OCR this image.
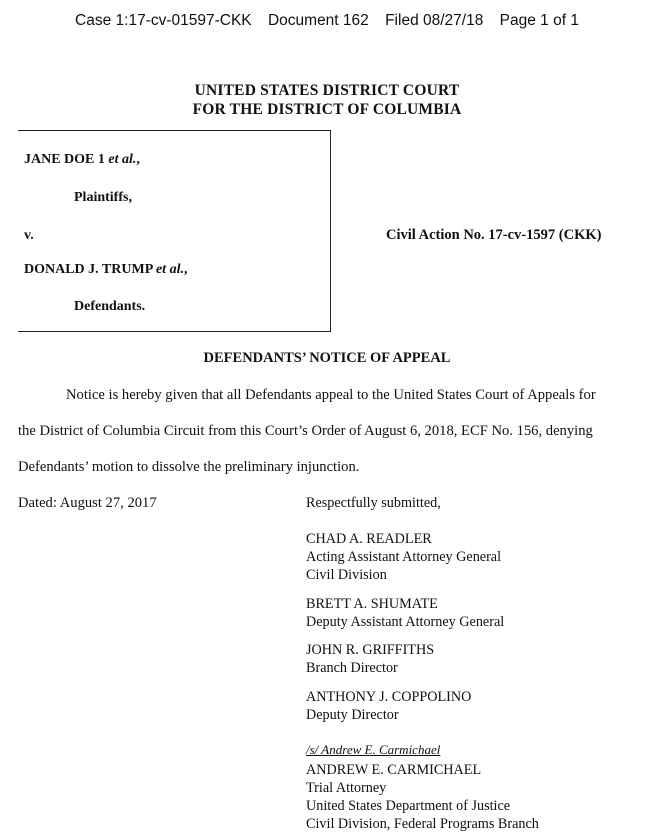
Case 1:17-cv-01597-CKK Document 162 Filed 08/27/18 Page 1 of 1
UNITED STATES DISTRICT COURT
FOR THE DISTRICT OF COLUMBIA
JANE DOE 1 et al.,
Plaintiffs,
v.
DONALD J. TRUMP et al.,
Defendants.
Civil Action No. 17-cv-1597 (CKK)
DEFENDANTS’ NOTICE OF APPEAL
Notice is hereby given that all Defendants appeal to the United States Court of Appeals for
the District of Columbia Circuit from this Court’s Order of August 6, 2018, ECF No. 156, denying
Defendants’ motion to dissolve the preliminary injunction.
Dated: August 27, 2017	Respectfully submitted,
CHAD A. READLER
Acting Assistant Attorney General
Civil Division
BRETT A. SHUMATE
Deputy Assistant Attorney General
JOHN R. GRIFFITHS
Branch Director
ANTHONY J. COPPOLINO
Deputy Director
/s/ Andrew E. Carmichael
ANDREW E. CARMICHAEL
Trial Attorney
United States Department of Justice
Civil Division, Federal Programs Branch
